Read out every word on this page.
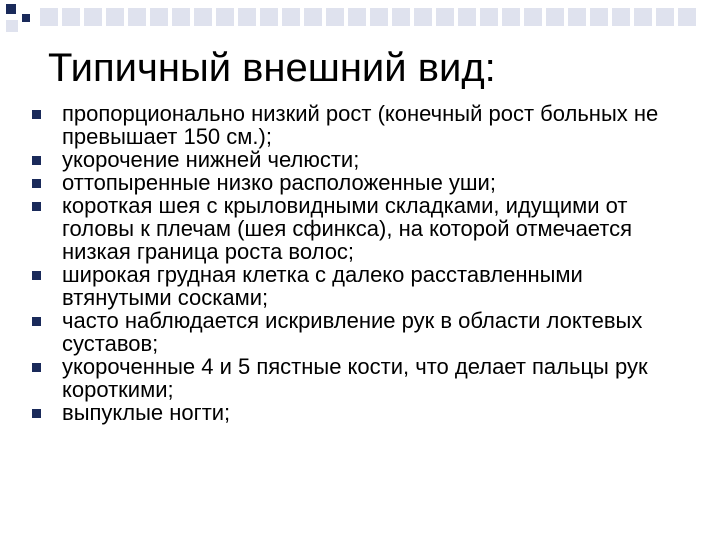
Типичный внешний вид:
пропорционально низкий рост (конечный рост больных не превышает 150 см.);
укорочение нижней челюсти;
оттопыренные низко расположенные уши;
короткая шея с крыловидными складками, идущими от головы к плечам (шея сфинкса), на которой отмечается низкая граница роста волос;
широкая грудная клетка с далеко расставленными втянутыми сосками;
часто наблюдается искривление рук в области локтевых суставов;
укороченные 4 и 5 пястные кости, что делает пальцы рук короткими;
выпуклые ногти;
